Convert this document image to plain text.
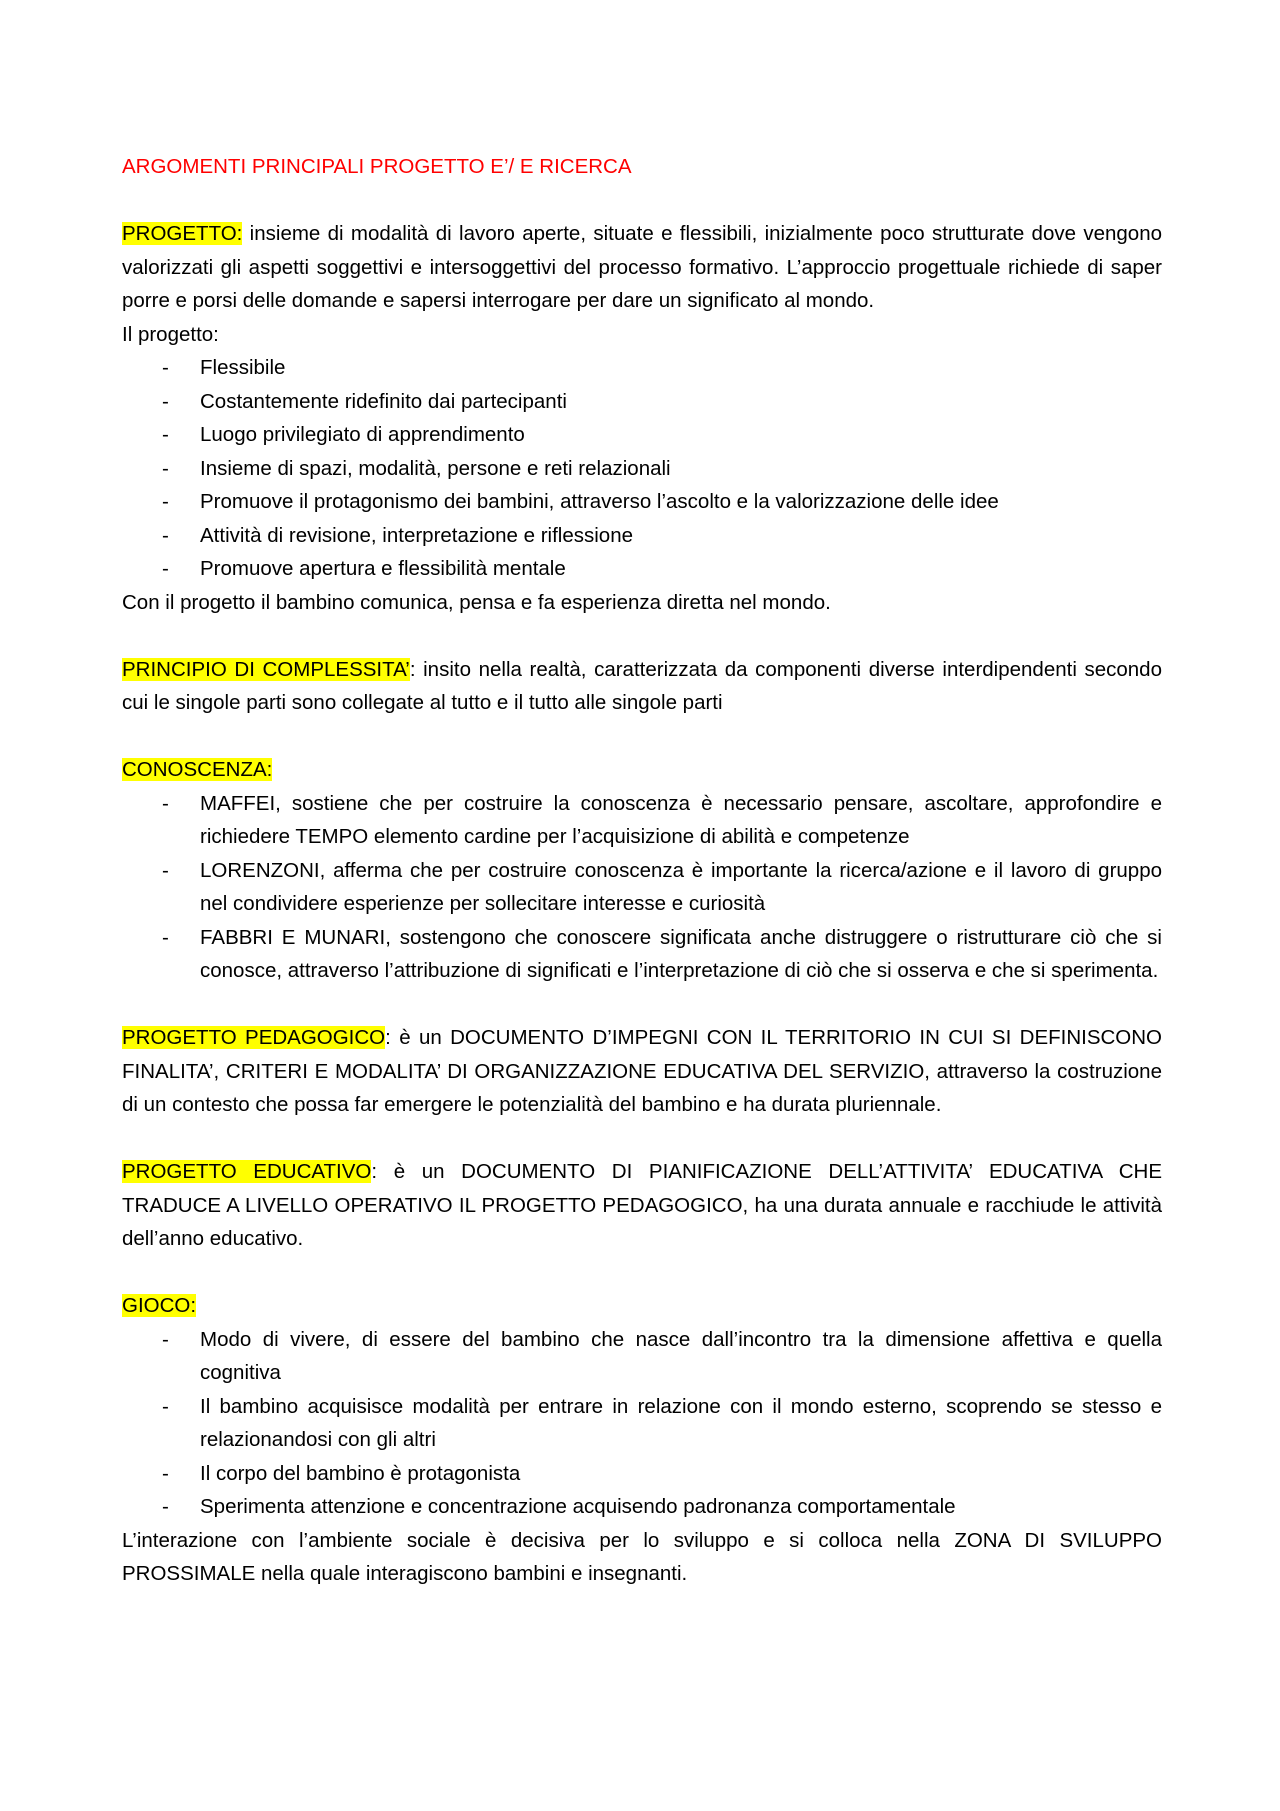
ARGOMENTI PRINCIPALI PROGETTO E’/ E RICERCA

PROGETTO: insieme di modalità di lavoro aperte, situate e flessibili, inizialmente poco strutturate dove vengono valorizzati gli aspetti soggettivi e intersoggettivi del processo formativo. L’approccio progettuale richiede di saper porre e porsi delle domande e sapersi interrogare per dare un significato al mondo.

Il progetto:

- Flessibile
- Costantemente ridefinito dai partecipanti
- Luogo privilegiato di apprendimento
- Insieme di spazi, modalità, persone e reti relazionali
- Promuove il protagonismo dei bambini, attraverso l’ascolto e la valorizzazione delle idee
- Attività di revisione, interpretazione e riflessione
- Promuove apertura e flessibilità mentale

Con il progetto il bambino comunica, pensa e fa esperienza diretta nel mondo.

PRINCIPIO DI COMPLESSITA’: insito nella realtà, caratterizzata da componenti diverse interdipendenti secondo cui le singole parti sono collegate al tutto e il tutto alle singole parti

CONOSCENZA:

- MAFFEI, sostiene che per costruire la conoscenza è necessario pensare, ascoltare, approfondire e richiedere TEMPO elemento cardine per l’acquisizione di abilità e competenze
- LORENZONI, afferma che per costruire conoscenza è importante la ricerca/azione e il lavoro di gruppo nel condividere esperienze per sollecitare interesse e curiosità
- FABBRI E MUNARI, sostengono che conoscere significata anche distruggere o ristrutturare ciò che si conosce, attraverso l’attribuzione di significati e l’interpretazione di ciò che si osserva e che si sperimenta.

PROGETTO PEDAGOGICO: è un DOCUMENTO D’IMPEGNI CON IL TERRITORIO IN CUI SI DEFINISCONO FINALITA’, CRITERI E MODALITA’ DI ORGANIZZAZIONE EDUCATIVA DEL SERVIZIO, attraverso la costruzione di un contesto che possa far emergere le potenzialità del bambino e ha durata pluriennale.

PROGETTO EDUCATIVO: è un DOCUMENTO DI PIANIFICAZIONE DELL’ATTIVITA’ EDUCATIVA CHE TRADUCE A LIVELLO OPERATIVO IL PROGETTO PEDAGOGICO, ha una durata annuale e racchiude le attività dell’anno educativo.

GIOCO:

- Modo di vivere, di essere del bambino che nasce dall’incontro tra la dimensione affettiva e quella cognitiva
- Il bambino acquisisce modalità per entrare in relazione con il mondo esterno, scoprendo se stesso e relazionandosi con gli altri
- Il corpo del bambino è protagonista
- Sperimenta attenzione e concentrazione acquisendo padronanza comportamentale

L’interazione con l’ambiente sociale è decisiva per lo sviluppo e si colloca nella ZONA DI SVILUPPO PROSSIMALE nella quale interagiscono bambini e insegnanti.
